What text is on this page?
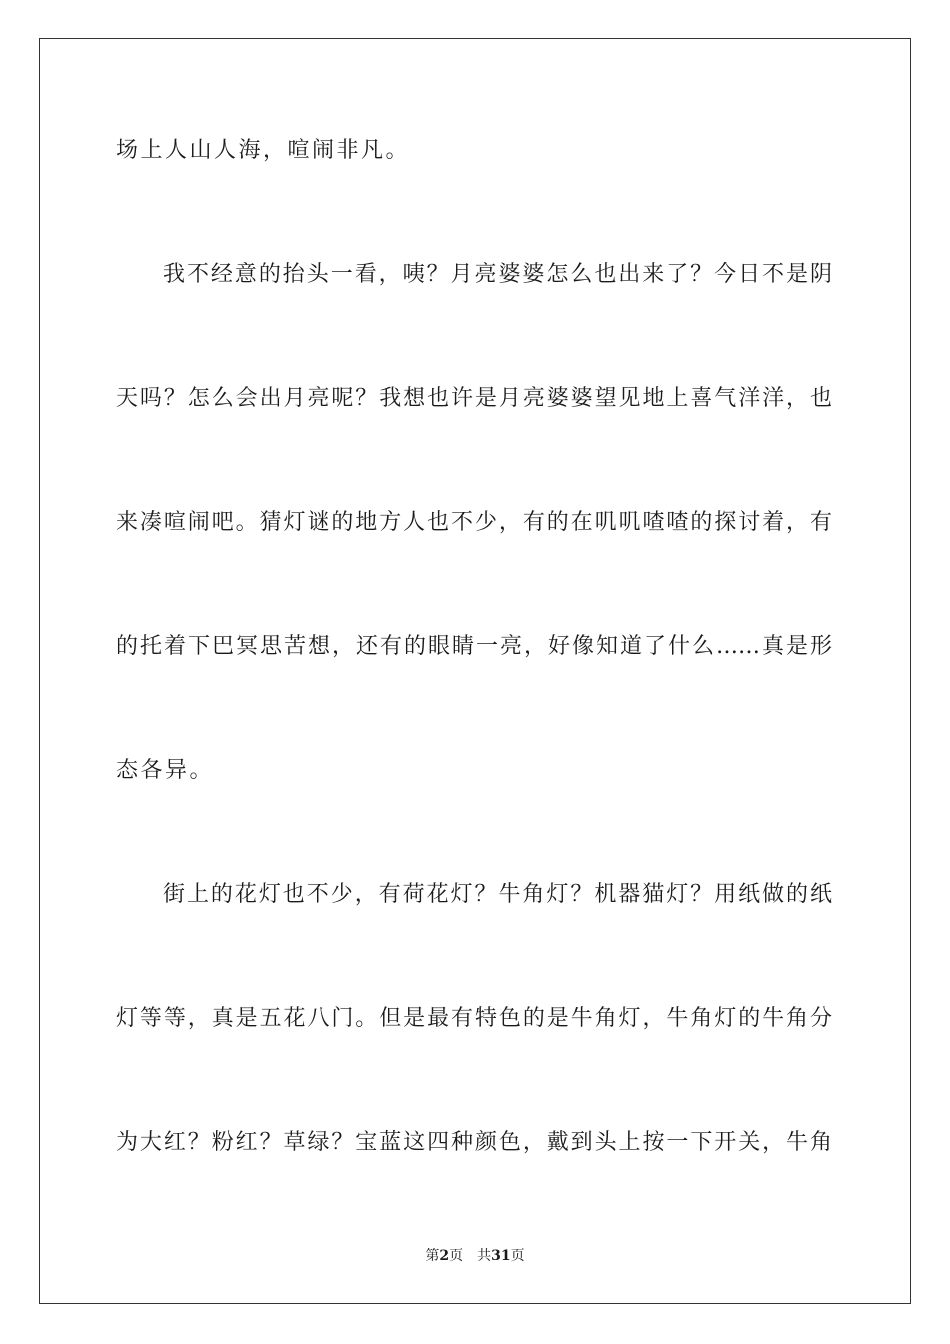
场上人山人海，喧闹非凡。
我不经意的抬头一看，咦？月亮婆婆怎么也出来了？今日不是阴
天吗？怎么会出月亮呢？我想也许是月亮婆婆望见地上喜气洋洋，也
来凑喧闹吧。猜灯谜的地方人也不少，有的在叽叽喳喳的探讨着，有
的托着下巴冥思苦想，还有的眼睛一亮，好像知道了什么……真是形
态各异。
街上的花灯也不少，有荷花灯？牛角灯？机器猫灯？用纸做的纸
灯等等，真是五花八门。但是最有特色的是牛角灯，牛角灯的牛角分
为大红？粉红？草绿？宝蓝这四种颜色，戴到头上按一下开关，牛角
第2页 共31页
